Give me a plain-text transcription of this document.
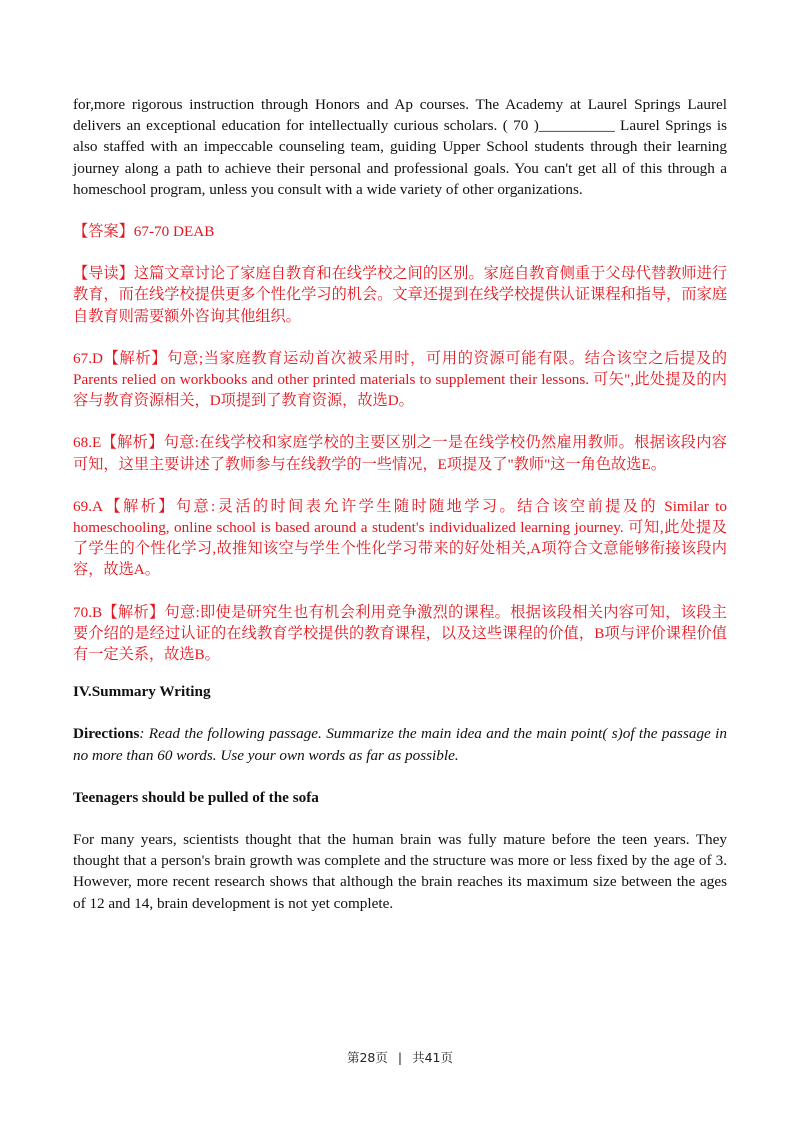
for,more rigorous instruction through Honors and Ap courses. The Academy at Laurel Springs Laurel delivers an exceptional education for intellectually curious scholars. ( 70 )__________ Laurel Springs is also staffed with an impeccable counseling team, guiding Upper School students through their learning journey along a path to achieve their personal and professional goals. You can't get all of this through a homeschool program, unless you consult with a wide variety of other organizations.

【答案】67-70 DEAB

【导读】这篇文章讨论了家庭自教育和在线学校之间的区别。家庭自教育侧重于父母代替教师进行教育，而在线学校提供更多个性化学习的机会。文章还提到在线学校提供认证课程和指导，而家庭自教育则需要额外咨询其他组织。

67.D【解析】句意;当家庭教育运动首次被采用时，可用的资源可能有限。结合该空之后提及的 Parents relied on workbooks and other printed materials to supplement their lessons. 可矢",此处提及的内容与教育资源相关，D项提到了教育资源，故选D。

68.E【解析】句意:在线学校和家庭学校的主要区别之一是在线学校仍然雇用教师。根据该段内容可知，这里主要讲述了教师参与在线教学的一些情况，E项提及了"教师"这一角色故选E。

69.A【解析】句意:灵活的时间表允许学生随时随地学习。结合该空前提及的 Similar to homeschooling, online school is based around a student's individualized learning journey. 可知,此处提及了学生的个性化学习,故推知该空与学生个性化学习带来的好处相关,A项符合文意能够衔接该段内容，故选A。

70.B【解析】句意:即使是研究生也有机会利用竞争激烈的课程。根据该段相关内容可知，该段主要介绍的是经过认证的在线教育学校提供的教育课程，以及这些课程的价值，B项与评价课程价值有一定关系，故选B。

IV.Summary Writing

Directions: Read the following passage. Summarize the main idea and the main point( s)of the passage in no more than 60 words. Use your own words as far as possible.

Teenagers should be pulled of the sofa

For many years, scientists thought that the human brain was fully mature before the teen years. They thought that a person's brain growth was complete and the structure was more or less fixed by the age of 3. However, more recent research shows that although the brain reaches its maximum size between the ages of 12 and 14, brain development is not yet complete.

第28页 | 共41页
